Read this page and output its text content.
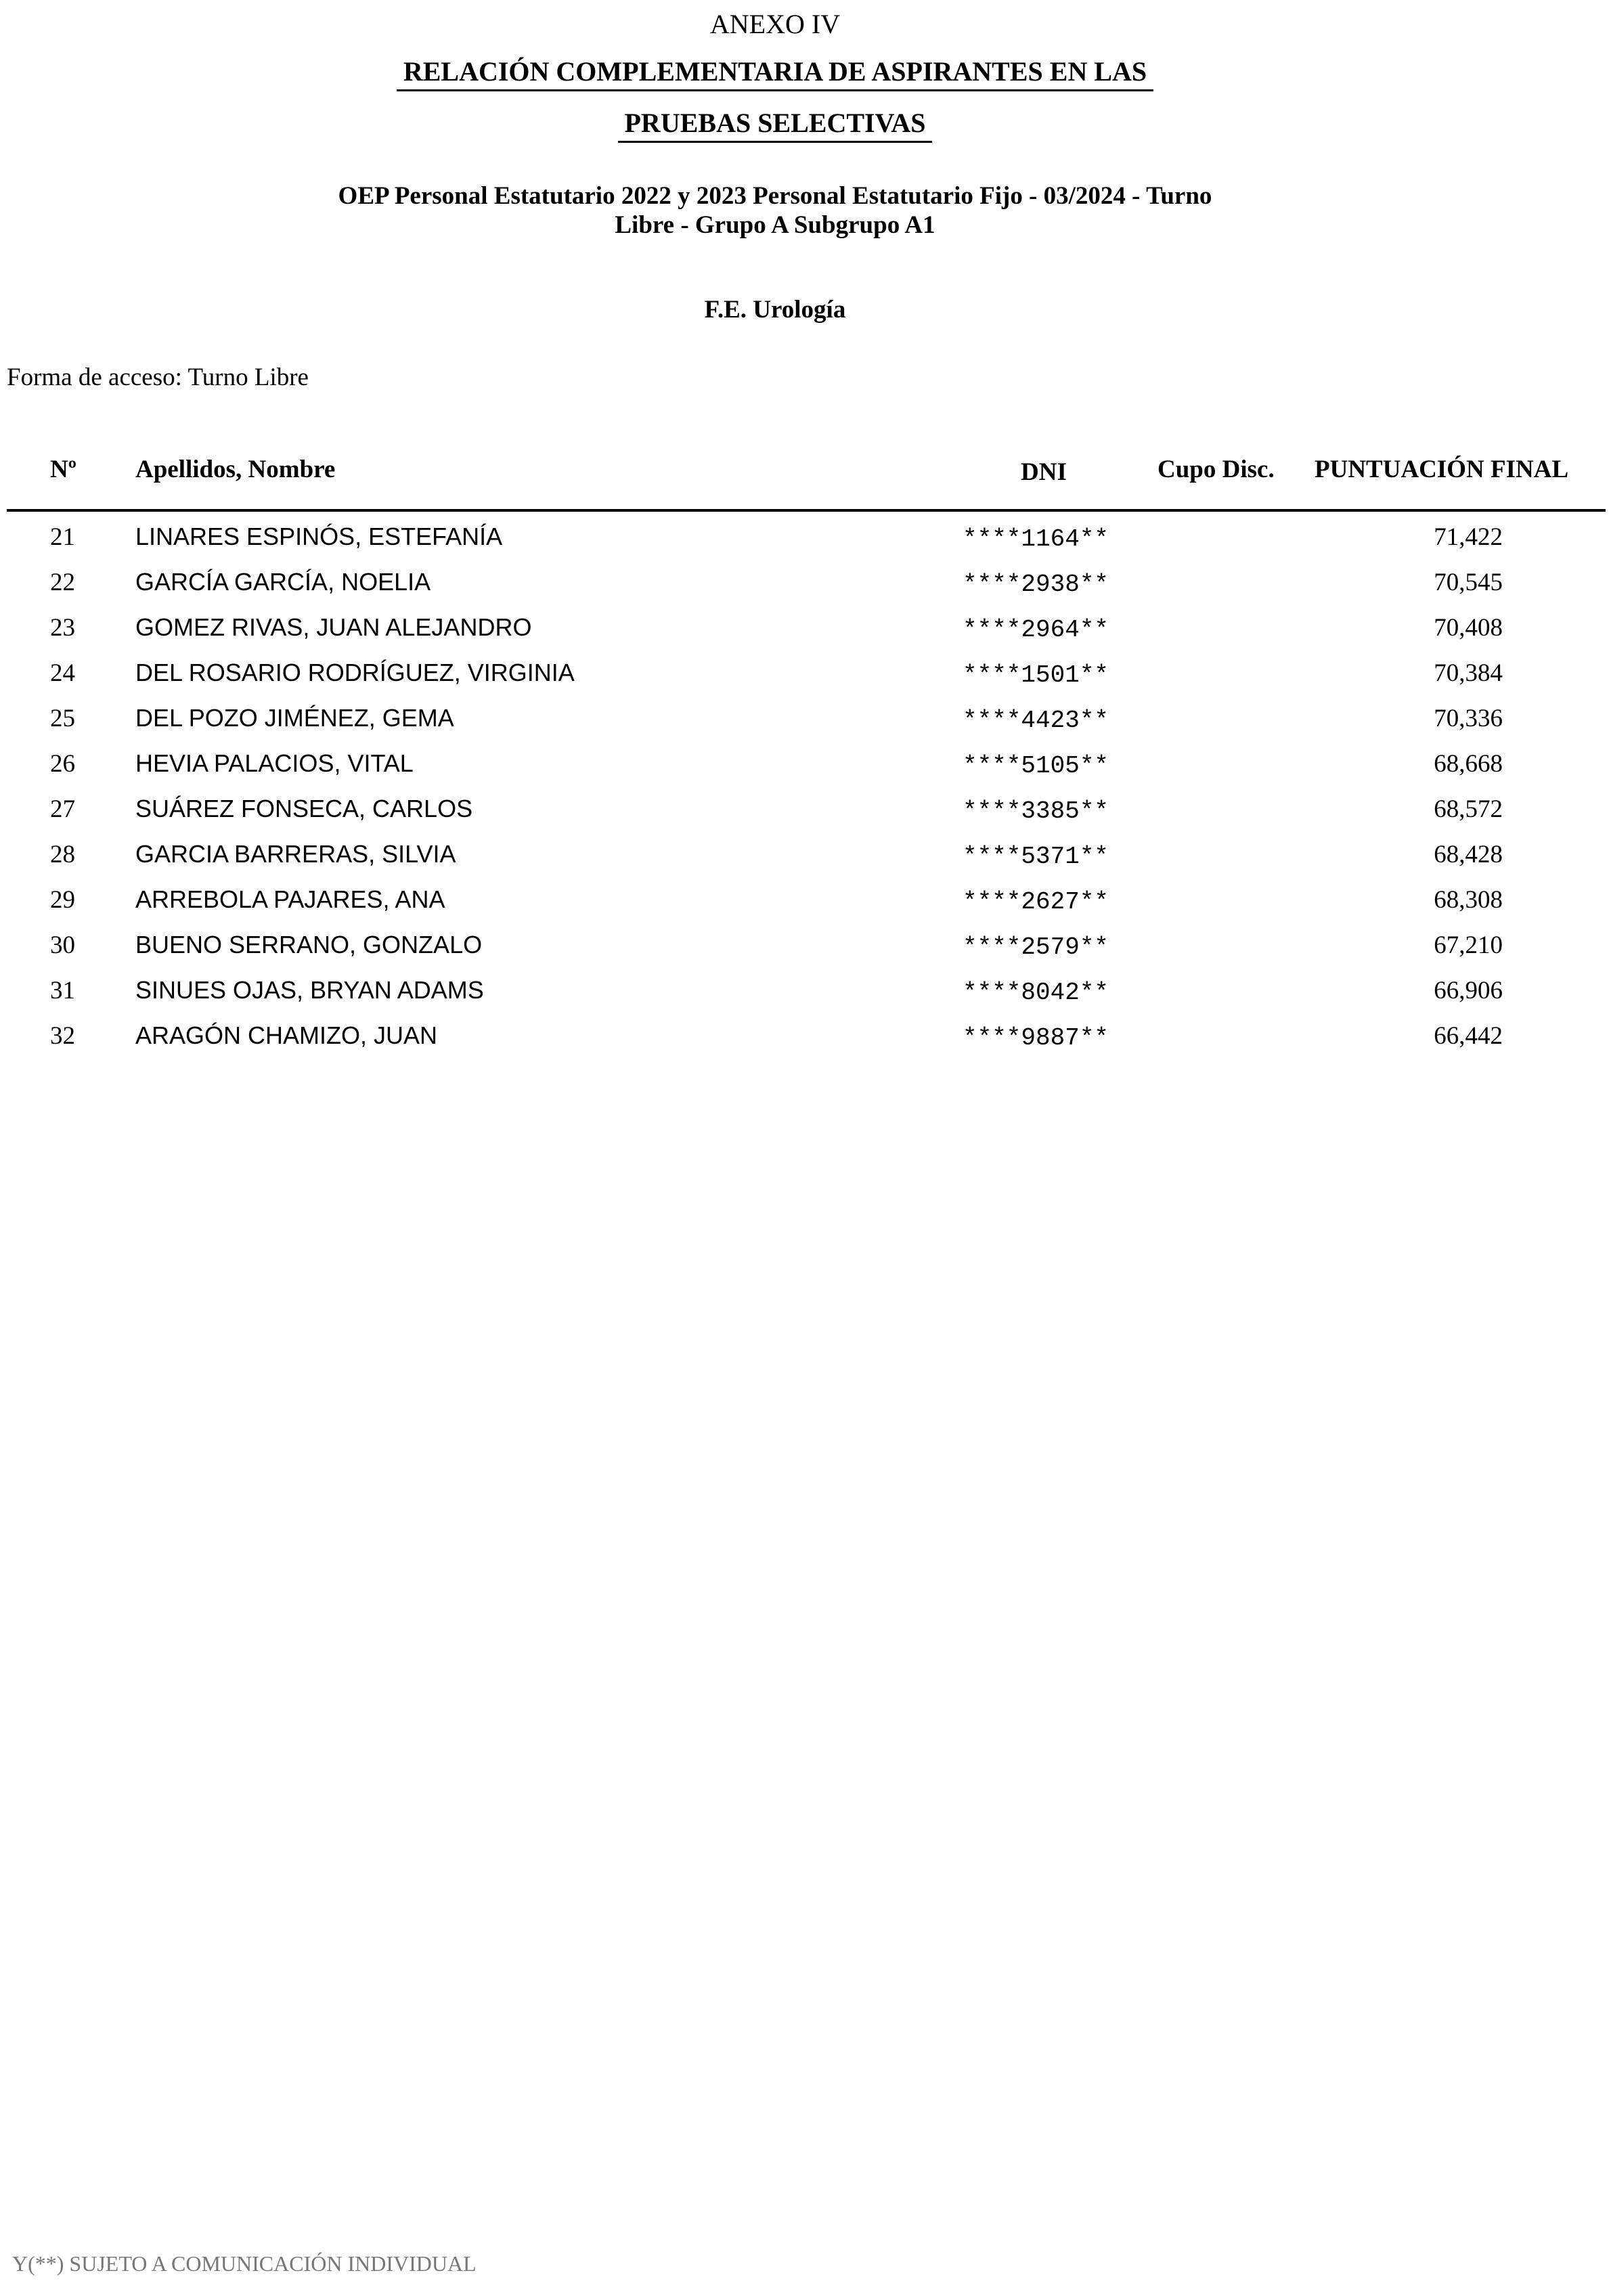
ANEXO IV
RELACIÓN COMPLEMENTARIA DE ASPIRANTES EN LAS
PRUEBAS SELECTIVAS
OEP Personal Estatutario 2022 y 2023 Personal Estatutario Fijo - 03/2024 - Turno
Libre - Grupo A Subgrupo A1
F.E. Urología
Forma de acceso: Turno Libre
Nº Apellidos, Nombre	DNI	Cupo Disc. PUNTUACIÓN FINAL
21 LINARES ESPINÓS, ESTEFANÍA	****1164**	71,422
22 GARCÍA GARCÍA, NOELIA	****2938**	70,545
23 GOMEZ RIVAS, JUAN ALEJANDRO	****2964**	70,408
24 DEL ROSARIO RODRÍGUEZ, VIRGINIA	****1501**	70,384
25 DEL POZO JIMÉNEZ, GEMA	****4423**	70,336
26 HEVIA PALACIOS, VITAL	****5105**	68,668
27 SUÁREZ FONSECA, CARLOS	****3385**	68,572
28 GARCIA BARRERAS, SILVIA	****5371**	68,428
29 ARREBOLA PAJARES, ANA	****2627**	68,308
30 BUENO SERRANO, GONZALO	****2579**	67,210
31 SINUES OJAS, BRYAN ADAMS	****8042**	66,906
32 ARAGÓN CHAMIZO, JUAN	****9887**	66,442
Y(**) SUJETO A COMUNICACIÓN INDIVIDUAL
